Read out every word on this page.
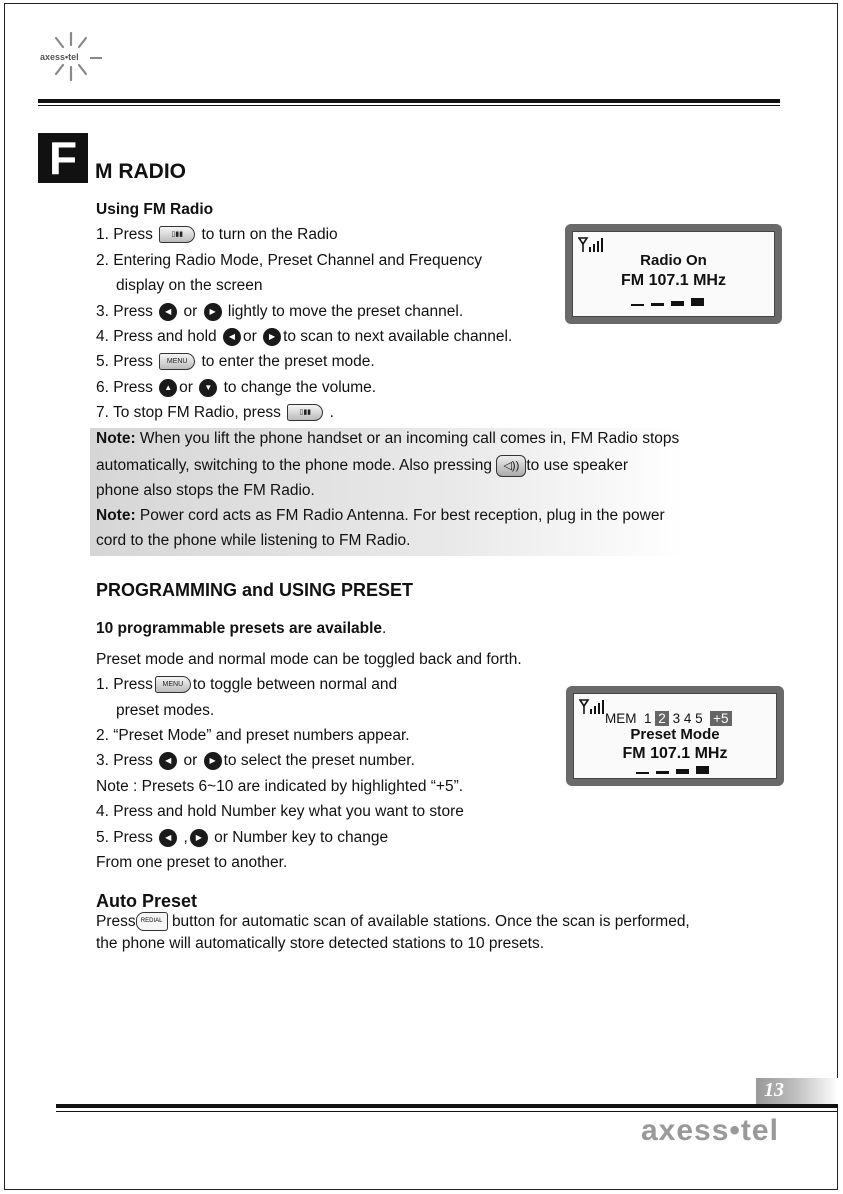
axess•tel
F M RADIO
Using FM Radio
1. Press	▯▮▮ to turn on the Radio
2. Entering Radio Mode, Preset Channel and Frequency
display on the screen
3. Press ◀ or ▶ lightly to move the preset channel.
4. Press and hold ◀ or ▶ to scan to next available channel.
5. Press MENU to enter the preset mode.
6. Press ▲ or ▼ to change the volume.
7. To stop FM Radio, press	▯▮▮ .
Radio On
FM 107.1 MHz
Note: When you lift the phone handset or an incoming call comes in, FM Radio stops
automatically, switching to the phone mode. Also pressing ◁)) to use speaker
phone also stops the FM Radio.
Note: Power cord acts as FM Radio Antenna. For best reception, plug in the power
cord to the phone while listening to FM Radio.
PROGRAMMING and USING PRESET
10 programmable presets are available.
Preset mode and normal mode can be toggled back and forth.
1. Press MENU to toggle between normal and
preset modes.
2. “Preset Mode” and preset numbers appear.
3. Press ◀ or ▶ to select the preset number.
Note : Presets 6~10 are indicated by highlighted “+5”.
4. Press and hold Number key what you want to store
5. Press ◀ , ▶ or Number key to change
From one preset to another.
MEM 1 2 3 4 5 +5
Preset Mode
FM 107.1 MHz
Auto Preset
Press REDIAL button for automatic scan of available stations. Once the scan is performed,
the phone will automatically store detected stations to 10 presets.
13
axess•tel
